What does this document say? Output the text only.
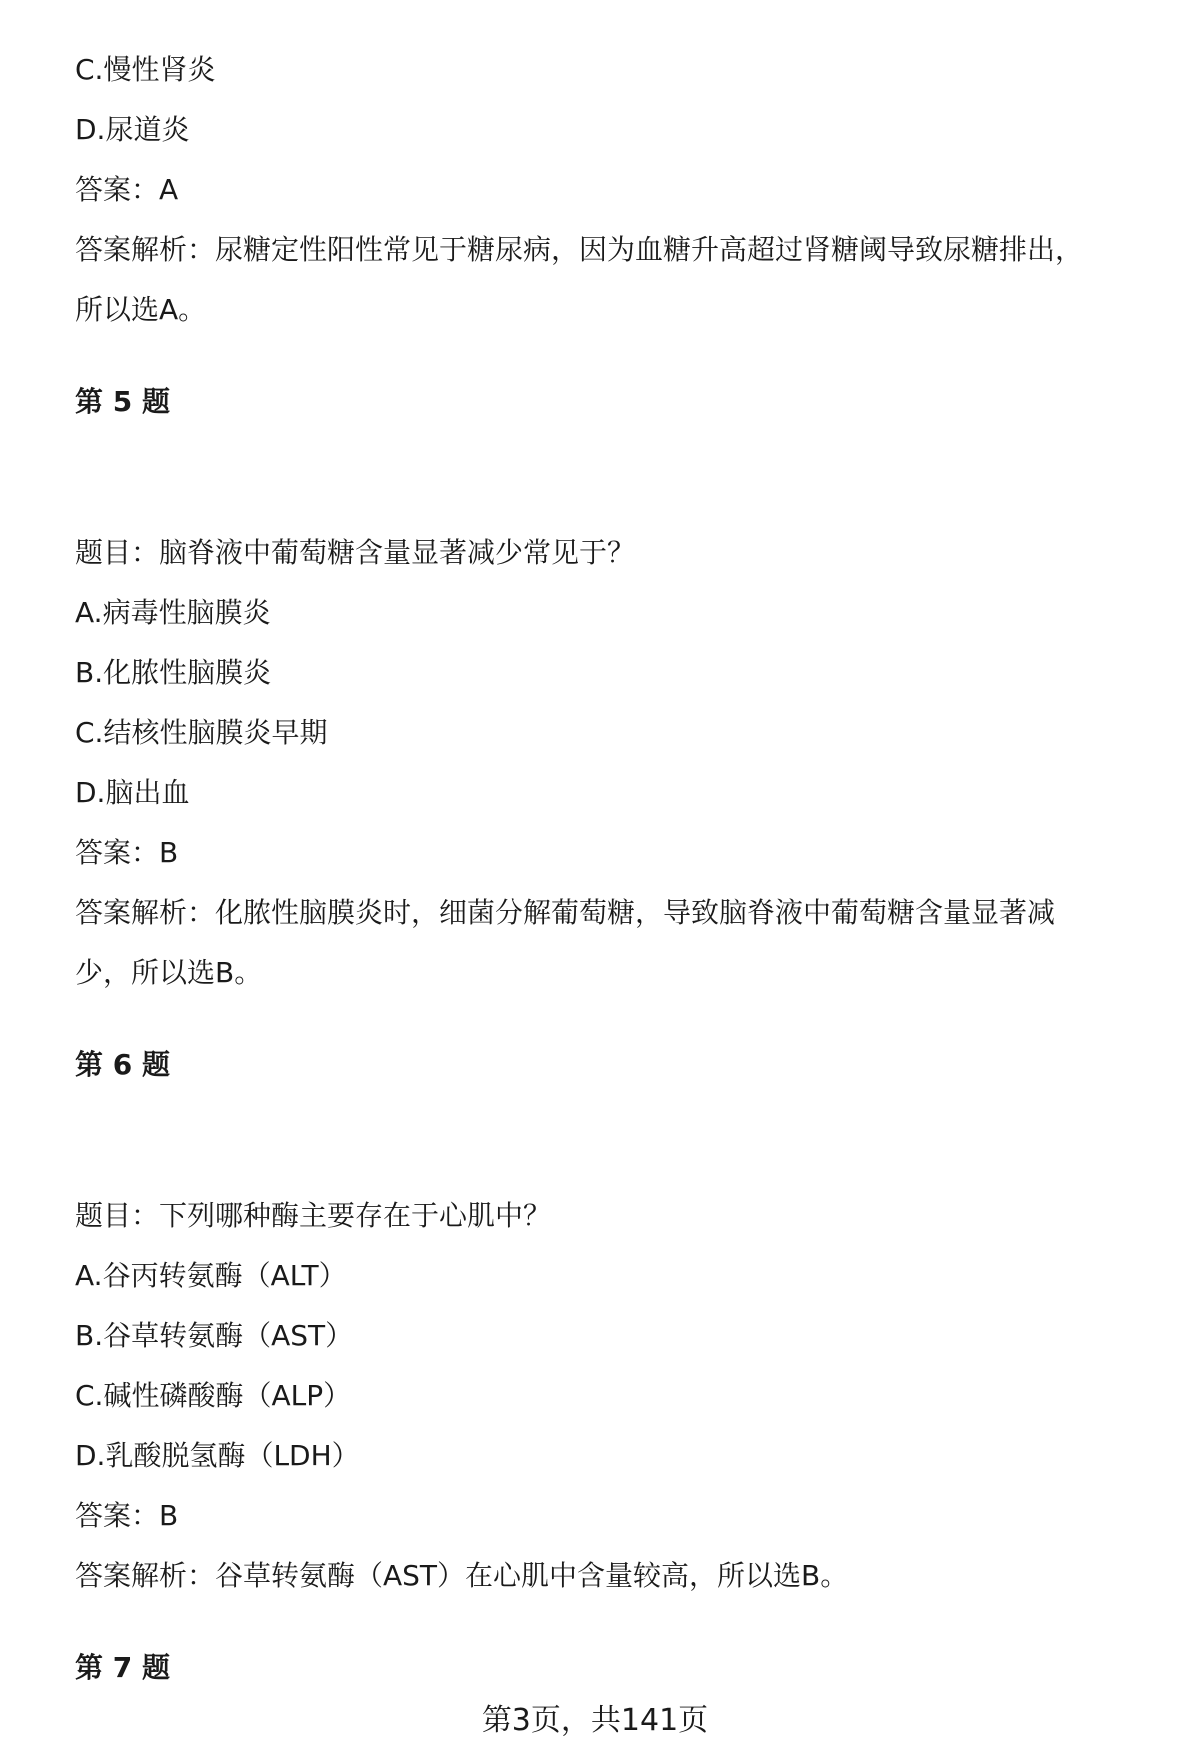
C.慢性肾炎
D.尿道炎
答案：A
答案解析：尿糖定性阳性常见于糖尿病，因为血糖升高超过肾糖阈导致尿糖排出，
所以选A。
第 5 题
题目：脑脊液中葡萄糖含量显著减少常见于？
A.病毒性脑膜炎
B.化脓性脑膜炎
C.结核性脑膜炎早期
D.脑出血
答案：B
答案解析：化脓性脑膜炎时，细菌分解葡萄糖，导致脑脊液中葡萄糖含量显著减
少，所以选B。
第 6 题
题目：下列哪种酶主要存在于心肌中？
A.谷丙转氨酶（ALT）
B.谷草转氨酶（AST）
C.碱性磷酸酶（ALP）
D.乳酸脱氢酶（LDH）
答案：B
答案解析：谷草转氨酶（AST）在心肌中含量较高，所以选B。
第 7 题
第3页，共141页
